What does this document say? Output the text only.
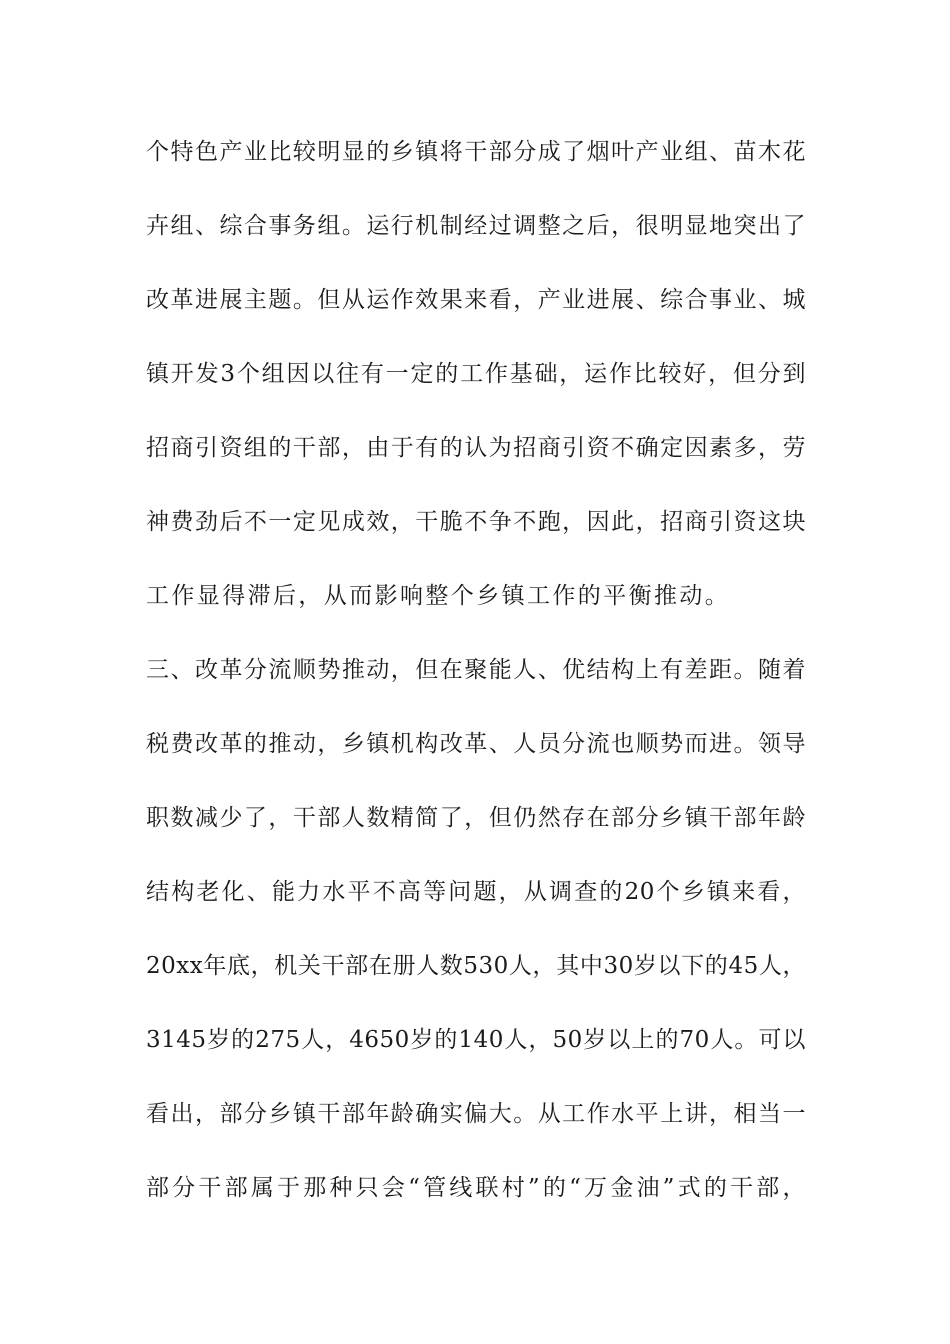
个特色产业比较明显的乡镇将干部分成了烟叶产业组、苗木花
卉组、综合事务组。运行机制经过调整之后，很明显地突出了
改革进展主题。但从运作效果来看，产业进展、综合事业、城
镇开发3个组因以往有一定的工作基础，运作比较好，但分到
招商引资组的干部，由于有的认为招商引资不确定因素多，劳
神费劲后不一定见成效，干脆不争不跑，因此，招商引资这块
工作显得滞后，从而影响整个乡镇工作的平衡推动。
三、改革分流顺势推动，但在聚能人、优结构上有差距。随着
税费改革的推动，乡镇机构改革、人员分流也顺势而进。领导
职数减少了，干部人数精简了，但仍然存在部分乡镇干部年龄
结构老化、能力水平不高等问题，从调查的20个乡镇来看，
20xx年底，机关干部在册人数530人，其中30岁以下的45人，
3145岁的275人，4650岁的140人，50岁以上的70人。可以
看出，部分乡镇干部年龄确实偏大。从工作水平上讲，相当一
部分干部属于那种只会“管线联村”的“万金油”式的干部，
